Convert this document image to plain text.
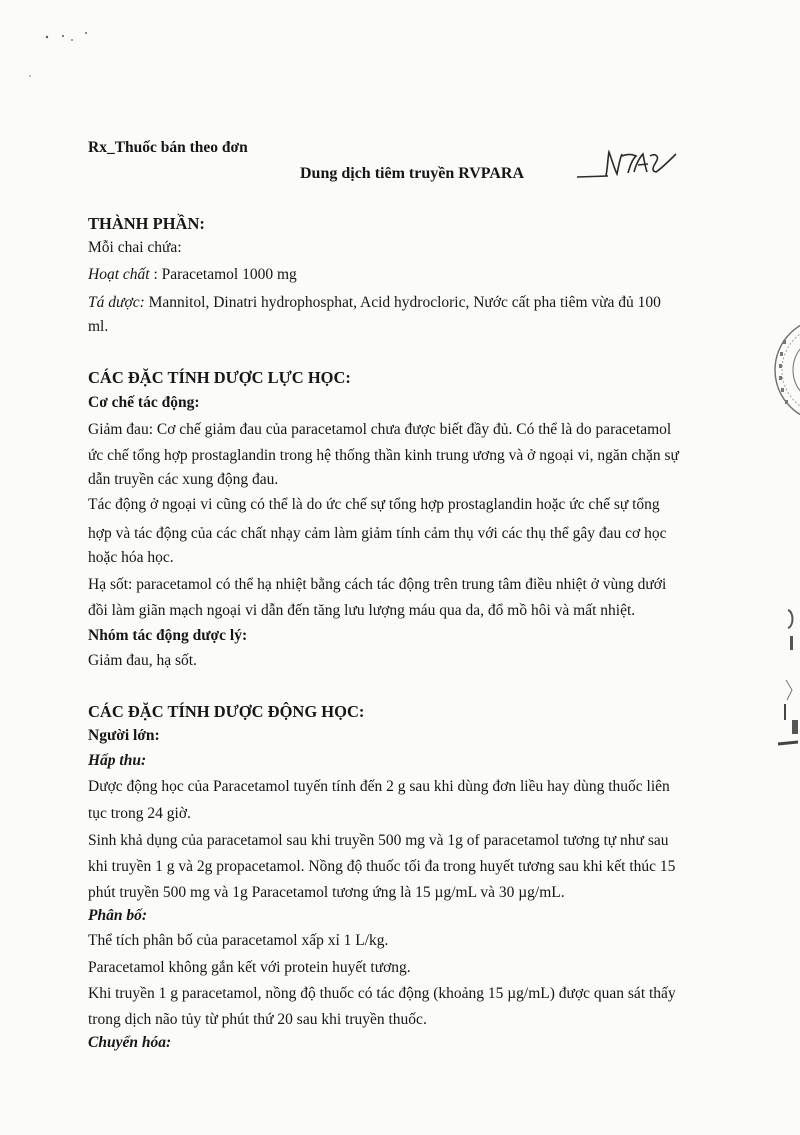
Rx_Thuốc bán theo đơn
Dung dịch tiêm truyền RVPARA
THÀNH PHẦN:
Mỗi chai chứa:
Hoạt chất : Paracetamol 1000 mg
Tá dược: Mannitol, Dinatri hydrophosphat, Acid hydrocloric, Nước cất pha tiêm vừa đủ 100
ml.
CÁC ĐẶC TÍNH DƯỢC LỰC HỌC:
Cơ chế tác động:
Giảm đau: Cơ chế giảm đau của paracetamol chưa được biết đầy đủ. Có thể là do paracetamol
ức chế tổng hợp prostaglandin trong hệ thống thần kinh trung ương và ở ngoại vi, ngăn chặn sự
dẫn truyền các xung động đau.
Tác động ở ngoại vi cũng có thể là do ức chế sự tổng hợp prostaglandin hoặc ức chế sự tổng
hợp và tác động của các chất nhạy cảm làm giảm tính cảm thụ với các thụ thể gây đau cơ học
hoặc hóa học.
Hạ sốt: paracetamol có thể hạ nhiệt bằng cách tác động trên trung tâm điều nhiệt ở vùng dưới
đồi làm giãn mạch ngoại vi dẫn đến tăng lưu lượng máu qua da, đổ mồ hôi và mất nhiệt.
Nhóm tác động dược lý:
Giảm đau, hạ sốt.
CÁC ĐẶC TÍNH DƯỢC ĐỘNG HỌC:
Người lớn:
Hấp thu:
Dược động học của Paracetamol tuyến tính đến 2 g sau khi dùng đơn liều hay dùng thuốc liên
tục trong 24 giờ.
Sinh khả dụng của paracetamol sau khi truyền 500 mg và 1g of paracetamol tương tự như sau
khi truyền 1 g và 2g propacetamol. Nồng độ thuốc tối đa trong huyết tương sau khi kết thúc 15
phút truyền 500 mg và 1g Paracetamol tương ứng là 15 µg/mL và 30 µg/mL.
Phân bố:
Thể tích phân bố của paracetamol xấp xỉ 1 L/kg.
Paracetamol không gắn kết với protein huyết tương.
Khi truyền 1 g paracetamol, nồng độ thuốc có tác động (khoảng 15 µg/mL) được quan sát thấy
trong dịch não tủy từ phút thứ 20 sau khi truyền thuốc.
Chuyển hóa:
